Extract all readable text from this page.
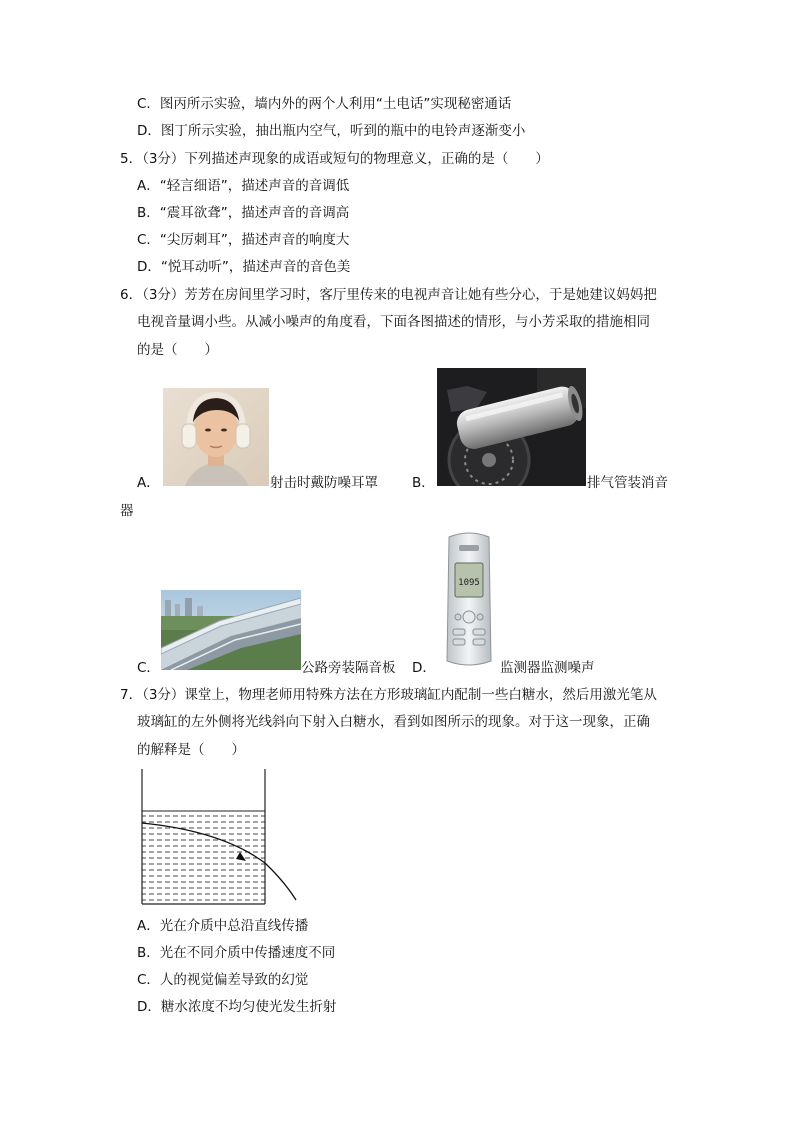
C．图丙所示实验，墙内外的两个人利用“土电话”实现秘密通话
D．图丁所示实验，抽出瓶内空气，听到的瓶中的电铃声逐渐变小
5．（3分）下列描述声现象的成语或短句的物理意义，正确的是（　　）
A．“轻言细语”，描述声音的音调低
B．“震耳欲聋”，描述声音的音调高
C．“尖厉刺耳”，描述声音的响度大
D．“悦耳动听”，描述声音的音色美
6．（3分）芳芳在房间里学习时，客厅里传来的电视声音让她有些分心，于是她建议妈妈把
电视音量调小些。从减小噪声的角度看，下面各图描述的情形，与小芳采取的措施相同
的是（　　）
A．	射击时戴防噪耳罩	B．	排气管装消音
器
C．	公路旁装隔音板 D．
1095
监测器监测噪声
7．（3分）课堂上，物理老师用特殊方法在方形玻璃缸内配制一些白糖水，然后用激光笔从
玻璃缸的左外侧将光线斜向下射入白糖水，看到如图所示的现象。对于这一现象，正确
的解释是（　　）
A．光在介质中总沿直线传播
B．光在不同介质中传播速度不同
C．人的视觉偏差导致的幻觉
D．糖水浓度不均匀使光发生折射
